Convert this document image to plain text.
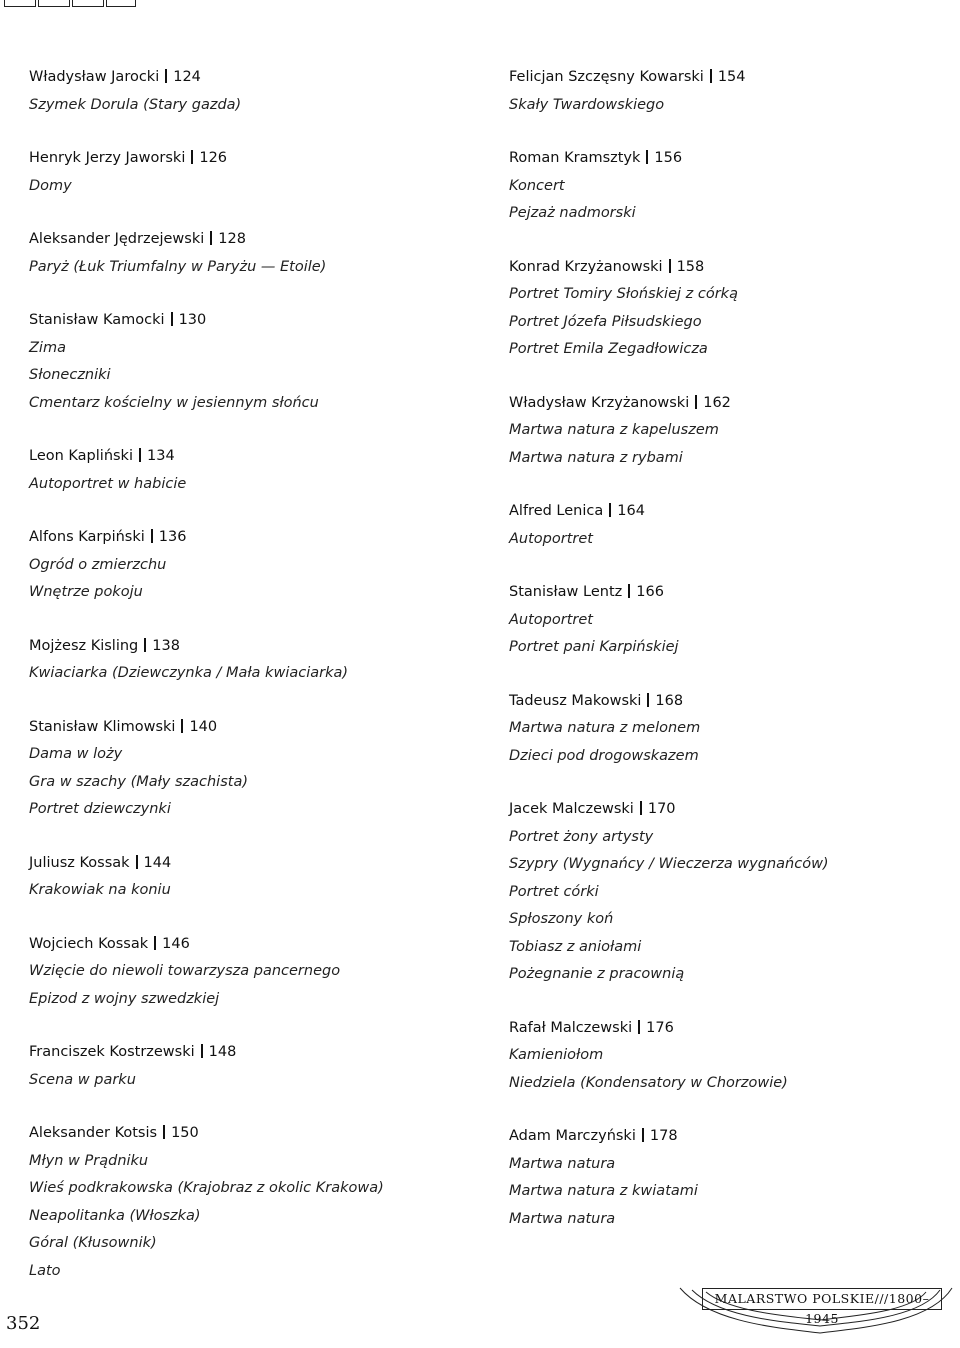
Władysław Jarocki 124
Szymek Dorula (Stary gazda)
Henryk Jerzy Jaworski 126
Domy
Aleksander Jędrzejewski 128
Paryż (Łuk Triumfalny w Paryżu — Etoile)
Stanisław Kamocki 130
Zima
Słoneczniki
Cmentarz kościelny w jesiennym słońcu
Leon Kapliński 134
Autoportret w habicie
Alfons Karpiński 136
Ogród o zmierzchu
Wnętrze pokoju
Mojżesz Kisling 138
Kwiaciarka (Dziewczynka / Mała kwiaciarka)
Stanisław Klimowski 140
Dama w loży
Gra w szachy (Mały szachista)
Portret dziewczynki
Juliusz Kossak 144
Krakowiak na koniu
Wojciech Kossak 146
Wzięcie do niewoli towarzysza pancernego
Epizod z wojny szwedzkiej
Franciszek Kostrzewski 148
Scena w parku
Aleksander Kotsis 150
Młyn w Prądniku
Wieś podkrakowska (Krajobraz z okolic Krakowa)
Neapolitanka (Włoszka)
Góral (Kłusownik)
Lato
Felicjan Szczęsny Kowarski 154
Skały Twardowskiego
Roman Kramsztyk 156
Koncert
Pejzaż nadmorski
Konrad Krzyżanowski 158
Portret Tomiry Słońskiej z córką
Portret Józefa Piłsudskiego
Portret Emila Zegadłowicza
Władysław Krzyżanowski 162
Martwa natura z kapeluszem
Martwa natura z rybami
Alfred Lenica 164
Autoportret
Stanisław Lentz 166
Autoportret
Portret pani Karpińskiej
Tadeusz Makowski 168
Martwa natura z melonem
Dzieci pod drogowskazem
Jacek Malczewski 170
Portret żony artysty
Szypry (Wygnańcy / Wieczerza wygnańców)
Portret córki
Spłoszony koń
Tobiasz z aniołami
Pożegnanie z pracownią
Rafał Malczewski 176
Kamieniołom
Niedziela (Kondensatory w Chorzowie)
Adam Marczyński 178
Martwa natura
Martwa natura z kwiatami
Martwa natura
352
MALARSTWO POLSKIE///1800–1945
